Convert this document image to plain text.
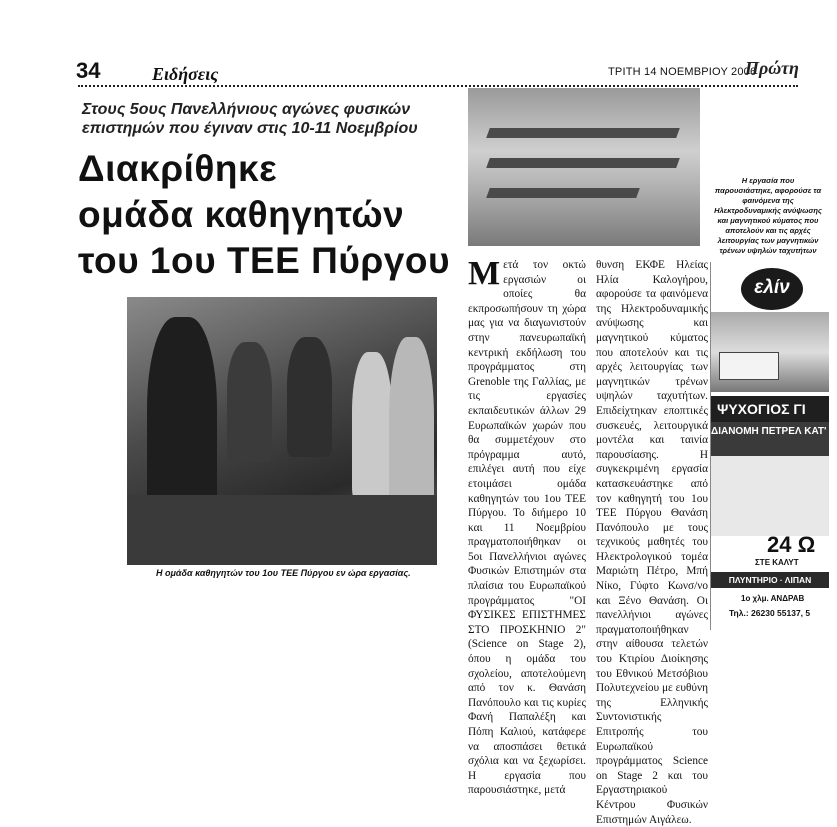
34	Ειδήσεις	ΤΡΙΤΗ 14 ΝΟΕΜΒΡΙΟΥ 2006
Πρώτη
Στους 5ους Πανελλήνιους αγώνες φυσικών επιστημών που έγιναν στις 10-11 Νοεμβρίου
Διακρίθηκε
ομάδα καθηγητών
του 1ου ΤΕΕ Πύργου
Η ομάδα καθηγητών του 1ου ΤΕΕ Πύργου εν ώρα εργασίας.
Η εργασία που παρουσιάστηκε, αφορούσε τα φαινόμενα της Ηλεκτροδυναμικής ανύψωσης και μαγνητικού κύματος που αποτελούν και τις αρχές λειτουργίας των μαγνητικών τρένων υψηλών ταχυτήτων
Μετά τον οκτώ εργασιών οι οποίες θα εκπροσωπήσουν τη χώρα μας για να διαγωνιστούν στην πανευρωπαϊκή κεντρική εκδήλωση του προγράμματος στη Grenoble της Γαλλίας, με τις εργασίες εκπαιδευτικών άλλων 29 Ευρωπαϊκών χωρών που θα συμμετέχουν στο πρόγραμμα αυτό, επιλέγει αυτή που είχε ετοιμάσει ομάδα καθηγητών του 1ου ΤΕΕ Πύργου. Το διήμερο 10 και 11 Νοεμβρίου πραγματοποιήθηκαν οι 5οι Πανελλήνιοι αγώνες Φυσικών Επιστημών στα πλαίσια του Ευρωπαϊκού προγράμματος "ΟΙ ΦΥΣΙΚΕΣ ΕΠΙΣΤΗΜΕΣ ΣΤΟ ΠΡΟΣΚΗΝΙΟ 2" (Science on Stage 2), όπου η ομάδα του σχολείου, αποτελούμενη από τον κ. Θανάση Πανόπουλο και τις κυρίες Φανή Παπαλέξη και Πόπη Καλιού, κατάφερε να αποσπάσει θετικά σχόλια και να ξεχωρίσει. Η εργασία που παρουσιάστηκε, μετά
θυνση ΕΚΦΕ Ηλείας Ηλία Καλογήρου, αφορούσε τα φαινόμενα της Ηλεκτροδυναμικής ανύψωσης και μαγνητικού κύματος που αποτελούν και τις αρχές λειτουργίας των μαγνητικών τρένων υψηλών ταχυτήτων. Επιδείχτηκαν εποπτικές συσκευές, λειτουργικά μοντέλα και ταινία παρουσίασης. Η συγκεκριμένη εργασία κατασκευάστηκε από τον καθηγητή του 1ου ΤΕΕ Πύργου Θανάση Πανόπουλο με τους τεχνικούς μαθητές του Ηλεκτρολογικού τομέα Μαριώτη Πέτρο, Μπή Νίκο, Γύφτο Κωνσ/νο και Ξένο Θανάση. Οι πανελλήνιοι αγώνες πραγματοποιήθηκαν στην αίθουσα τελετών του Κτιρίου Διοίκησης του Εθνικού Μετσόβιου Πολυτεχνείου με ευθύνη της Ελληνικής Συντονιστικής Επιτροπής του Ευρωπαϊκού προγράμματος Science on Stage 2 και του Εργαστηριακού Κέντρου Φυσικών Επιστημών Αιγάλεω.
ελίν
ΨΥΧΟΓΙΟΣ ΓΙ
ΔΙΑΝΟΜΗ ΠΕΤΡΕΛ ΚΑΤ' Ο
24 Ω
ΣΤΕ ΚΑΛΥΤ
ΠΛΥΝΤΗΡΙΟ · ΛΙΠΑΝ
1ο χλμ. ΑΝΔΡΑΒ
Τηλ.: 26230 55137, 5
